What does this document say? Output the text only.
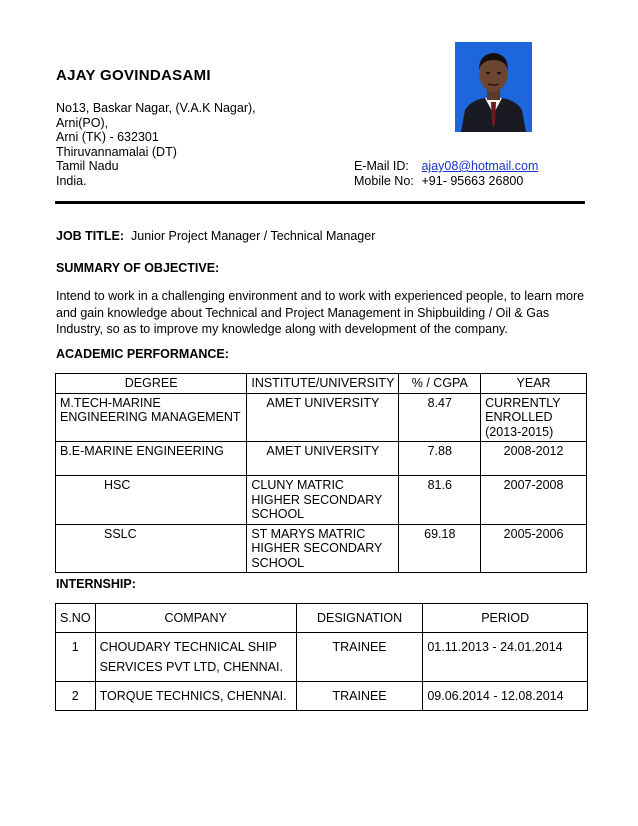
AJAY GOVINDASAMI
No13, Baskar Nagar, (V.A.K Nagar),
Arni(PO),
Arni (TK) - 632301
Thiruvannamalai (DT)
Tamil Nadu
India.
E-Mail ID: ajay08@hotmail.com
Mobile No: +91- 95663 26800
JOB TITLE: Junior Project Manager / Technical Manager
SUMMARY OF OBJECTIVE:
Intend to work in a challenging environment and to work with experienced people, to learn more and gain knowledge about Technical and Project Management in Shipbuilding / Oil & Gas Industry, so as to improve my knowledge along with development of the company.
ACADEMIC PERFORMANCE:
DEGREE	INSTITUTE/UNIVERSITY	% / CGPA	YEAR
M.TECH-MARINE ENGINEERING MANAGEMENT	AMET UNIVERSITY	8.47	CURRENTLY ENROLLED (2013-2015)
B.E-MARINE ENGINEERING	AMET UNIVERSITY	7.88	2008-2012
HSC	CLUNY MATRIC HIGHER SECONDARY SCHOOL	81.6	2007-2008
SSLC	ST MARYS MATRIC HIGHER SECONDARY SCHOOL	69.18	2005-2006
INTERNSHIP:
S.NO	COMPANY	DESIGNATION	PERIOD
1	CHOUDARY TECHNICAL SHIP SERVICES PVT LTD, CHENNAI.	TRAINEE	01.11.2013 - 24.01.2014
2	TORQUE TECHNICS, CHENNAI.	TRAINEE	09.06.2014 - 12.08.2014
